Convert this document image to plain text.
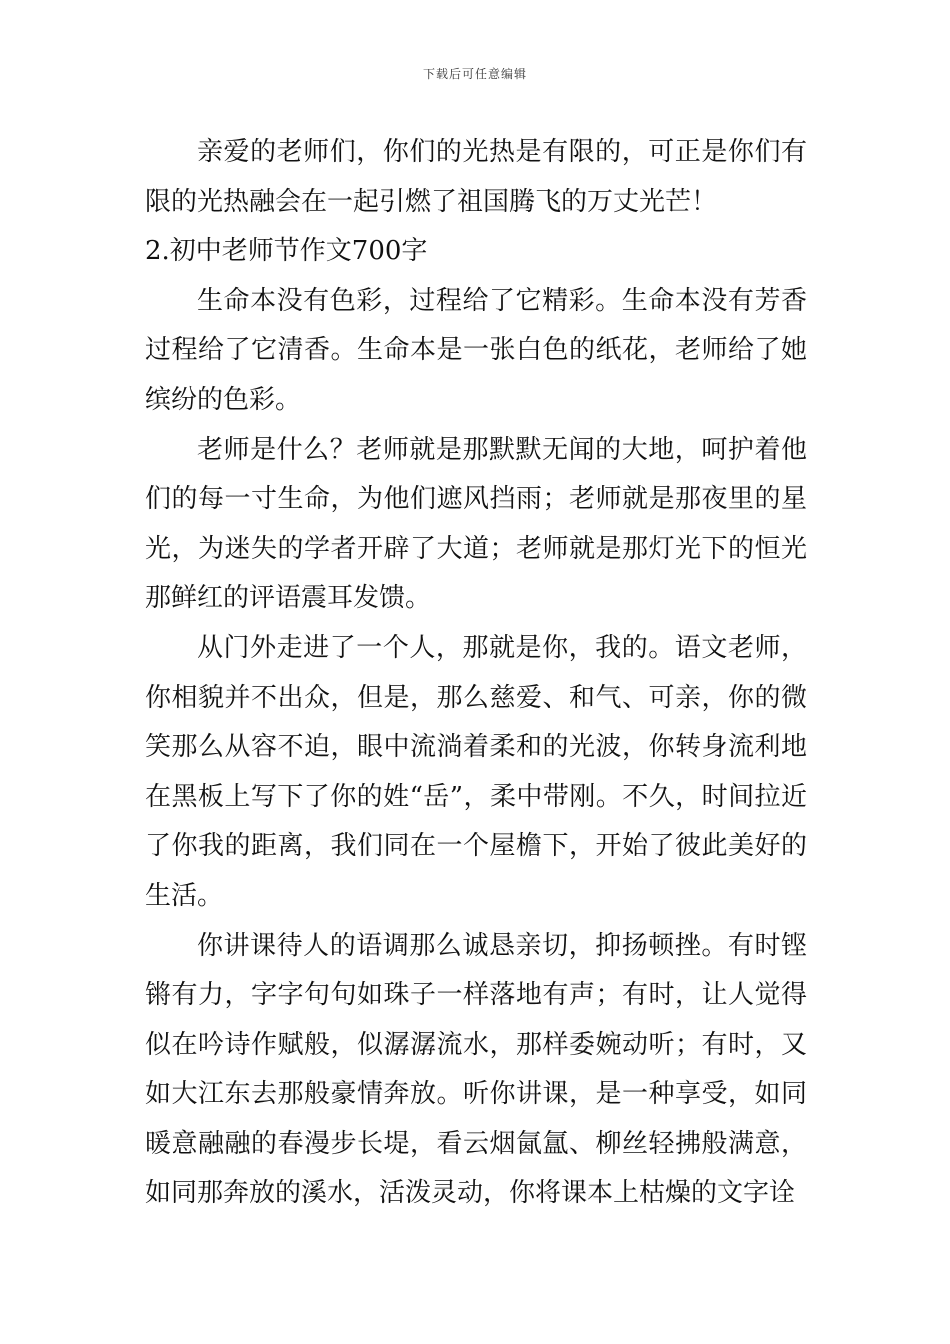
下载后可任意编辑

亲爱的老师们，你们的光热是有限的，可正是你们有限的光热融会在一起引燃了祖国腾飞的万丈光芒！

2.初中老师节作文700字

生命本没有色彩，过程给了它精彩。生命本没有芳香过程给了它清香。生命本是一张白色的纸花，老师给了她缤纷的色彩。

老师是什么？老师就是那默默无闻的大地，呵护着他们的每一寸生命，为他们遮风挡雨；老师就是那夜里的星光，为迷失的学者开辟了大道；老师就是那灯光下的恒光那鲜红的评语震耳发馈。

从门外走进了一个人，那就是你，我的。语文老师，你相貌并不出众，但是，那么慈爱、和气、可亲，你的微笑那么从容不迫，眼中流淌着柔和的光波，你转身流利地在黑板上写下了你的姓“岳”，柔中带刚。不久，时间拉近了你我的距离，我们同在一个屋檐下，开始了彼此美好的生活。

你讲课待人的语调那么诚恳亲切，抑扬顿挫。有时铿锵有力，字字句句如珠子一样落地有声；有时，让人觉得似在吟诗作赋般，似潺潺流水，那样委婉动听；有时，又如大江东去那般豪情奔放。听你讲课，是一种享受，如同暖意融融的春漫步长堤，看云烟氤氲、柳丝轻拂般满意，如同那奔放的溪水，活泼灵动，你将课本上枯燥的文字诠
